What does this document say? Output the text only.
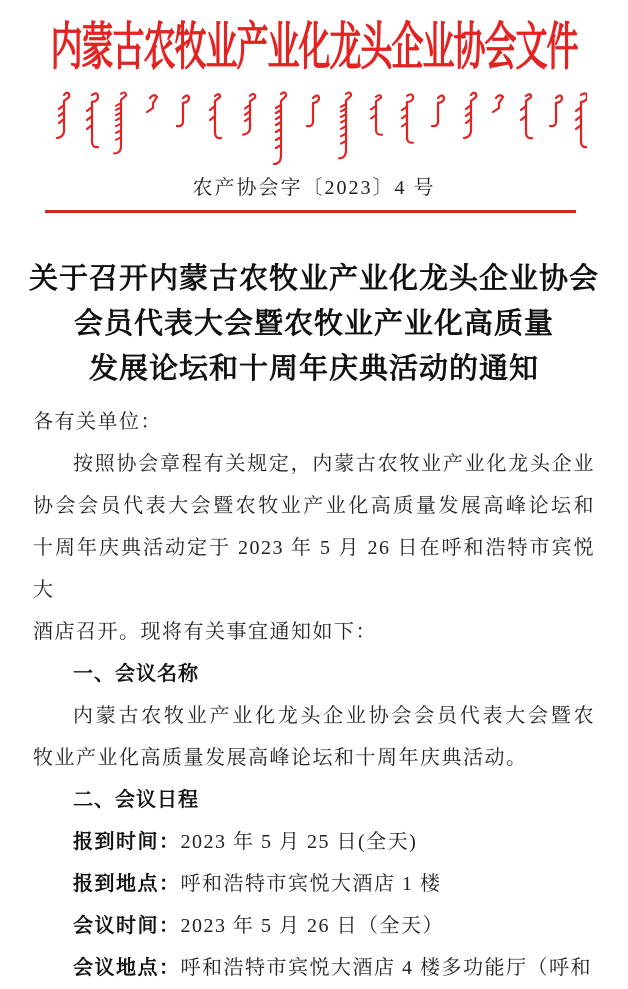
内蒙古农牧业产业化龙头企业协会文件
农产协会字〔2023〕4 号
关于召开内蒙古农牧业产业化龙头企业协会
会员代表大会暨农牧业产业化高质量
发展论坛和十周年庆典活动的通知
各有关单位：
按照协会章程有关规定，内蒙古农牧业产业化龙头企业
协会会员代表大会暨农牧业产业化高质量发展高峰论坛和
十周年庆典活动定于 2023 年 5 月 26 日在呼和浩特市宾悦大
酒店召开。现将有关事宜通知如下：
一、会议名称
内蒙古农牧业产业化龙头企业协会会员代表大会暨农
牧业产业化高质量发展高峰论坛和十周年庆典活动。
二、会议日程
报到时间：2023 年 5 月 25 日(全天)
报到地点：呼和浩特市宾悦大酒店 1 楼
会议时间：2023 年 5 月 26 日（全天）
会议地点：呼和浩特市宾悦大酒店 4 楼多功能厅（呼和
